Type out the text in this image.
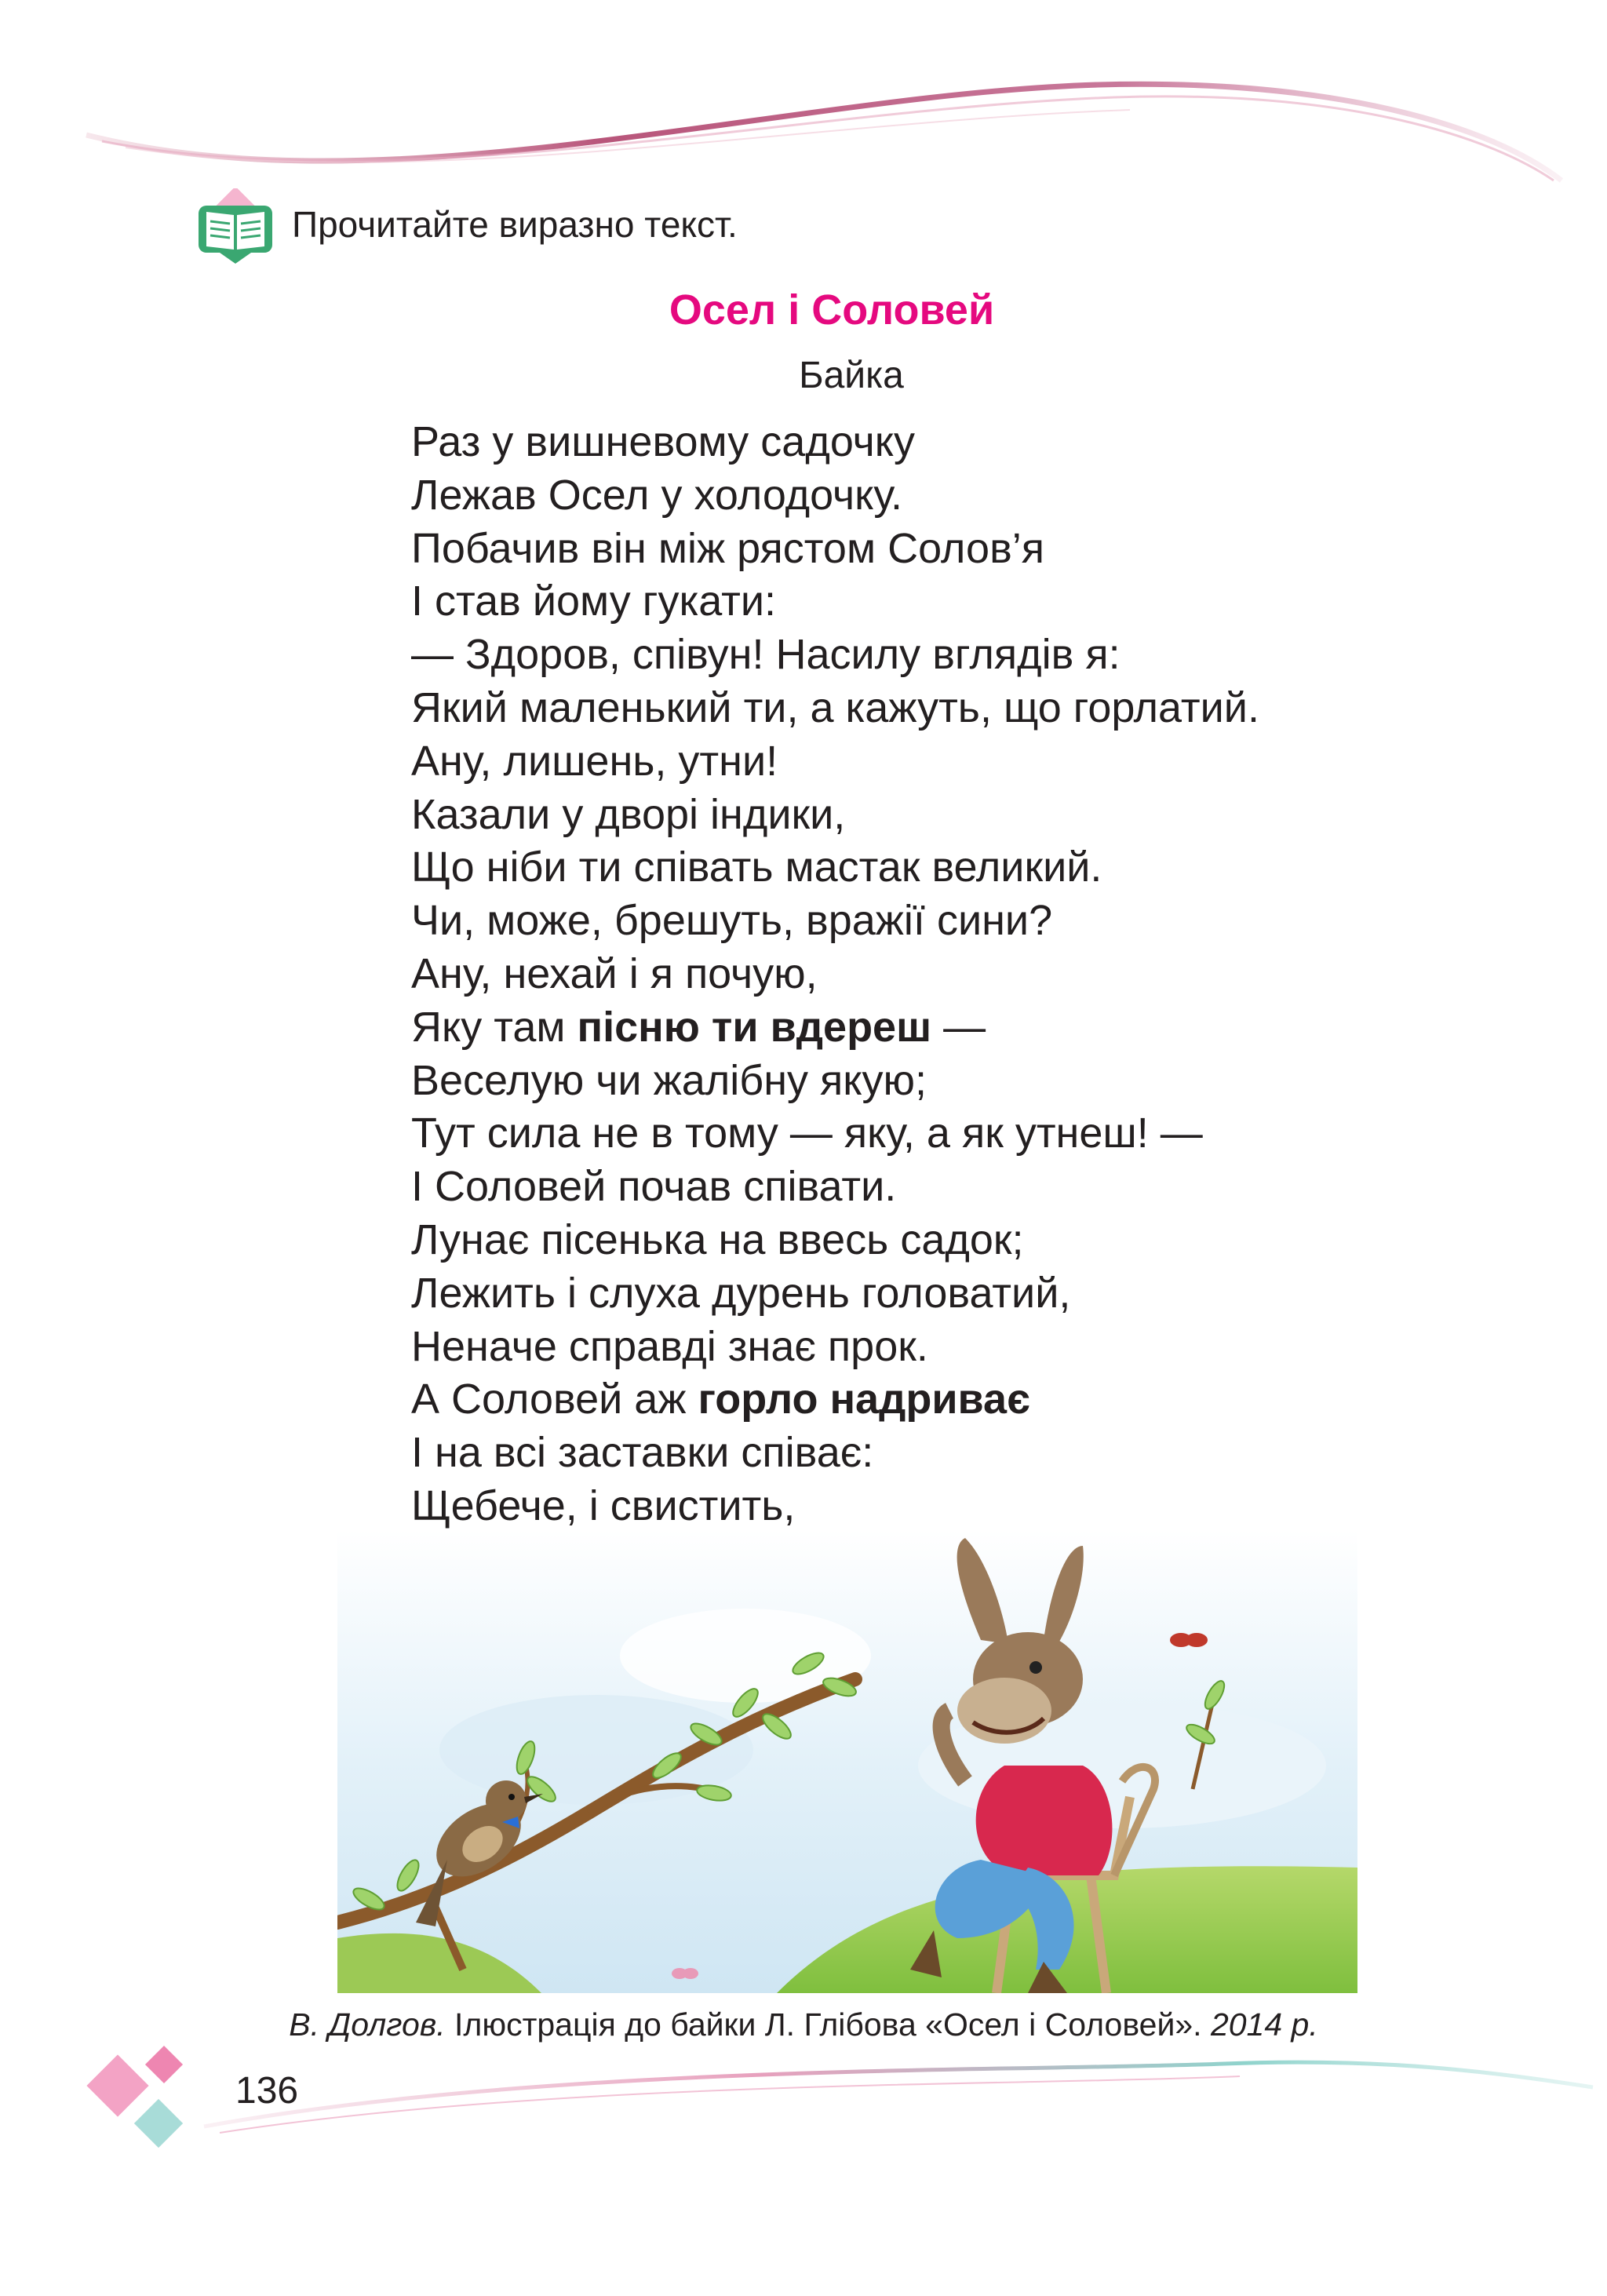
Прочитайте виразно текст.
Осел і Соловей
Байка
Раз у вишневому садочку
Лежав Осел у холодочку.
Побачив він між рястом Солов’я
І став йому гукати:
— Здоров, співун! Насилу вглядів я:
Який маленький ти, а кажуть, що горлатий.
Ану, лишень, утни!
Казали у дворі індики,
Що ніби ти співать мастак великий.
Чи, може, брешуть, вражії сини?
Ану, нехай і я почую,
Яку там пісню ти вдереш —
Веселую чи жалібну якую;
Тут сила не в тому — яку, а як утнеш! —
І Соловей почав співати.
Лунає пісенька на ввесь садок;
Лежить і слуха дурень головатий,
Неначе справді знає прок.
А Соловей аж горло надриває
І на всі заставки співає:
Щебече, і свистить,
В. Долгов. Ілюстрація до байки Л. Глібова «Осел і Соловей». 2014 р.
136
